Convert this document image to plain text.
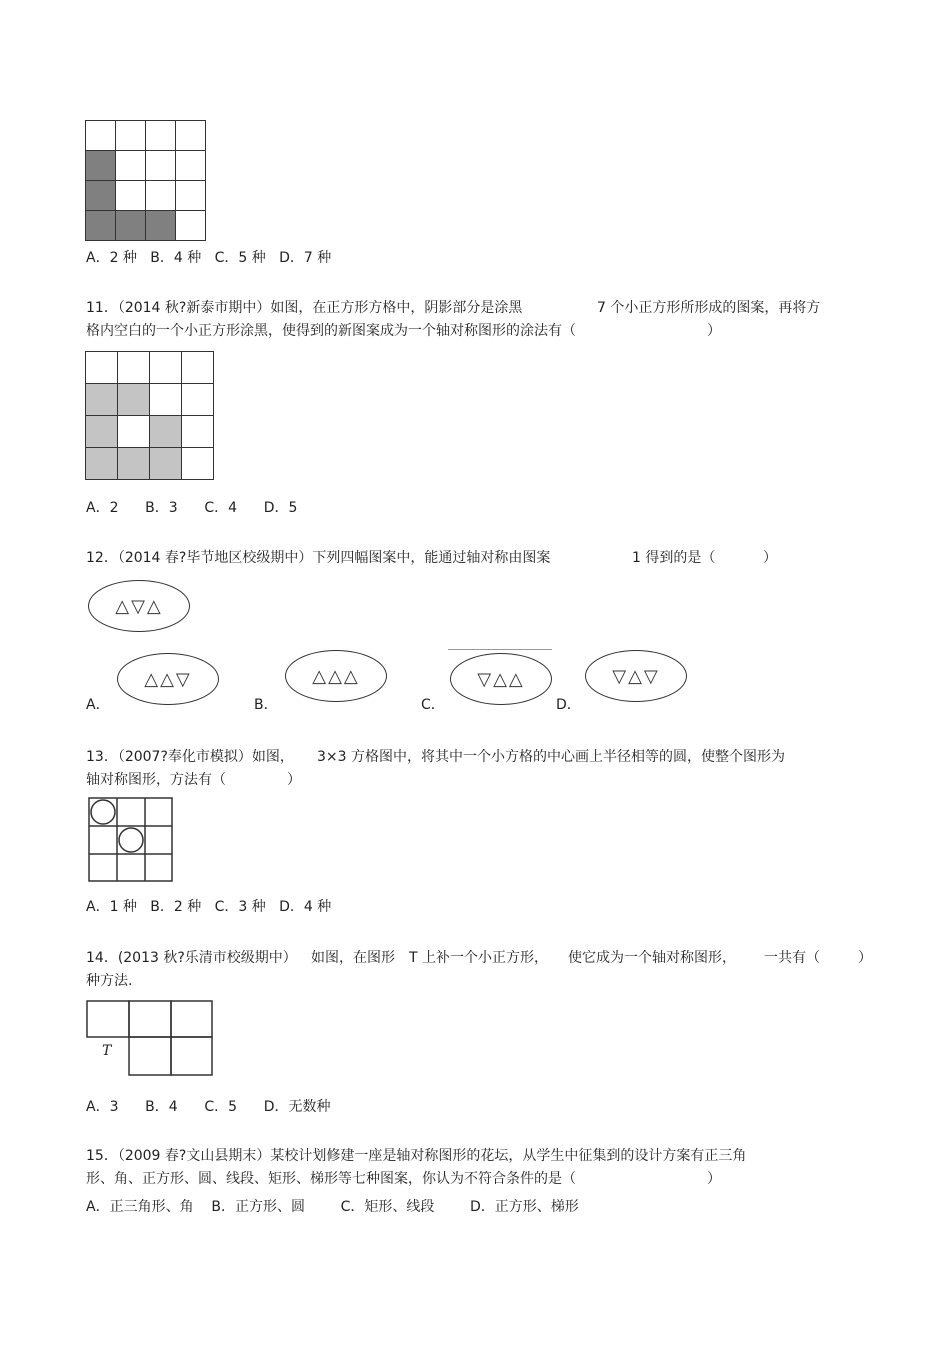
A．2 种   B．4 种   C．5 种   D．7 种
11．（2014 秋?新泰市期中）如图，在正方形方格中，阴影部分是涂黑	7 个小正方形所形成的图案，再将方
格内空白的一个小正方形涂黑，使得到的新图案成为一个轴对称图形的涂法有（	）
A．2      B．3      C．4      D．5
12．（2014 春?毕节地区校级期中）下列四幅图案中，能通过轴对称由图案	1 得到的是（	）
△▽△
A．
△△▽
B．
△△△
C．
▽△△
D．
▽△▽
13．（2007?奉化市模拟）如图， 3×3 方格图中，将其中一个小方格的中心画上半径相等的圆，使整个图形为
轴对称图形，方法有（	）
A．1 种   B．2 种   C．3 种   D．4 种
14．(2013 秋?乐清市校级期中） 如图，在图形 T 上补一个小正方形， 使它成为一个轴对称图形， 一共有（	）
种方法.
T
A．3      B．4      C．5      D．无数种
15．（2009 春?文山县期末）某校计划修建一座是轴对称图形的花坛，从学生中征集到的设计方案有正三角
形、角、正方形、圆、线段、矩形、梯形等七种图案，你认为不符合条件的是（	）
A．正三角形、角    B．正方形、圆        C．矩形、线段        D．正方形、梯形
